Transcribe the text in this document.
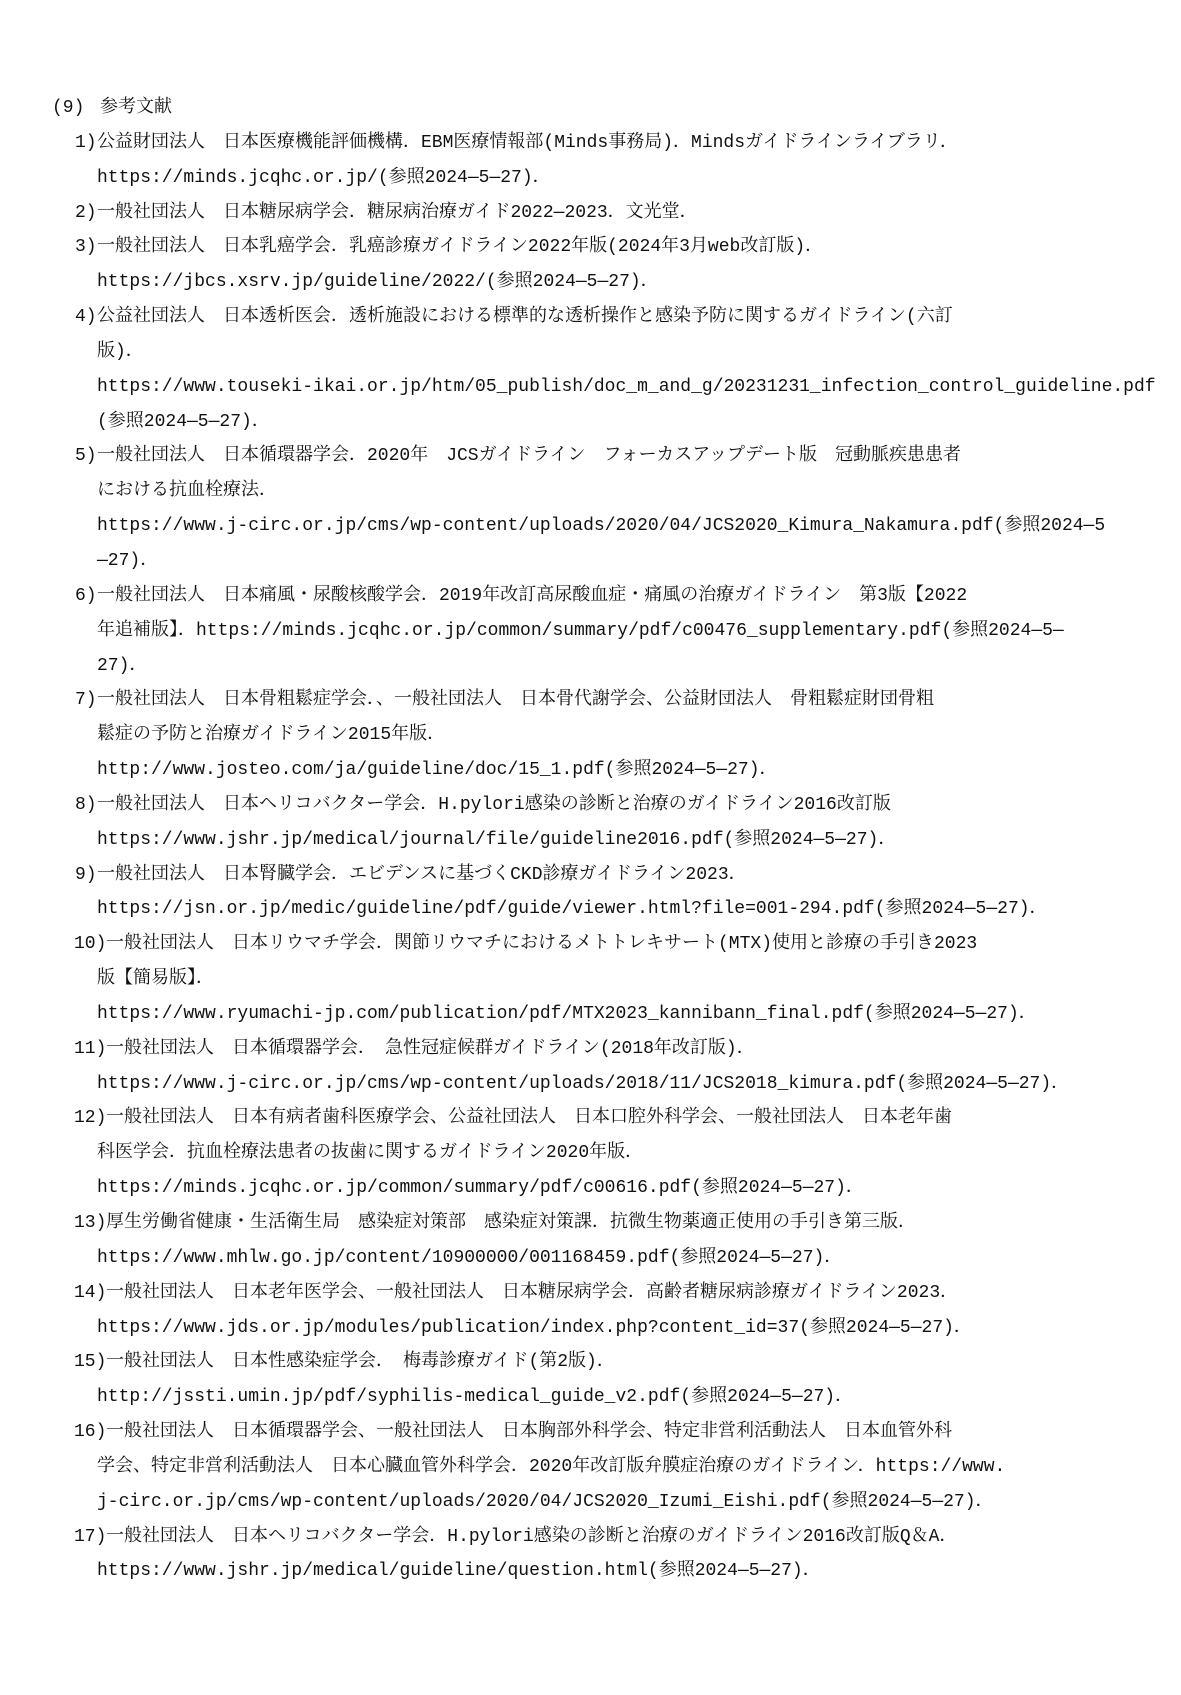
(9) 参考文献
1)公益財団法人　日本医療機能評価機構．EBM医療情報部(Minds事務局)．Mindsガイドラインライブラリ．
https://minds.jcqhc.or.jp/(参照2024―5―27)．
2)一般社団法人　日本糖尿病学会．糖尿病治療ガイド2022―2023．文光堂．
3)一般社団法人　日本乳癌学会．乳癌診療ガイドライン2022年版(2024年3月web改訂版)．
https://jbcs.xsrv.jp/guideline/2022/(参照2024―5―27)．
4)公益社団法人　日本透析医会．透析施設における標準的な透析操作と感染予防に関するガイドライン(六訂
版)．
https://www.touseki-ikai.or.jp/htm/05_publish/doc_m_and_g/20231231_infection_control_guideline.pdf
(参照2024―5―27)．
5)一般社団法人　日本循環器学会．2020年　JCSガイドライン　フォーカスアップデート版　冠動脈疾患患者
における抗血栓療法．
https://www.j-circ.or.jp/cms/wp-content/uploads/2020/04/JCS2020_Kimura_Nakamura.pdf(参照2024―5
―27)．
6)一般社団法人　日本痛風・尿酸核酸学会．2019年改訂高尿酸血症・痛風の治療ガイドライン　第3版【2022
年追補版】．https://minds.jcqhc.or.jp/common/summary/pdf/c00476_supplementary.pdf(参照2024―5―
27)．
7)一般社団法人　日本骨粗鬆症学会．、一般社団法人　日本骨代謝学会、公益財団法人　骨粗鬆症財団骨粗
鬆症の予防と治療ガイドライン2015年版．
http://www.josteo.com/ja/guideline/doc/15_1.pdf(参照2024―5―27)．
8)一般社団法人　日本ヘリコバクター学会．H.pylori感染の診断と治療のガイドライン2016改訂版
https://www.jshr.jp/medical/journal/file/guideline2016.pdf(参照2024―5―27)．
9)一般社団法人　日本腎臓学会．エビデンスに基づくCKD診療ガイドライン2023．
https://jsn.or.jp/medic/guideline/pdf/guide/viewer.html?file=001-294.pdf(参照2024―5―27)．
10)一般社団法人　日本リウマチ学会．関節リウマチにおけるメトトレキサート(MTX)使用と診療の手引き2023
版【簡易版】．
https://www.ryumachi-jp.com/publication/pdf/MTX2023_kannibann_final.pdf(参照2024―5―27)．
11)一般社団法人　日本循環器学会．　急性冠症候群ガイドライン(2018年改訂版)．
https://www.j-circ.or.jp/cms/wp-content/uploads/2018/11/JCS2018_kimura.pdf(参照2024―5―27)．
12)一般社団法人　日本有病者歯科医療学会、公益社団法人　日本口腔外科学会、一般社団法人　日本老年歯
科医学会．抗血栓療法患者の抜歯に関するガイドライン2020年版．
https://minds.jcqhc.or.jp/common/summary/pdf/c00616.pdf(参照2024―5―27)．
13)厚生労働省健康・生活衛生局　感染症対策部　感染症対策課．抗微生物薬適正使用の手引き第三版．
https://www.mhlw.go.jp/content/10900000/001168459.pdf(参照2024―5―27)．
14)一般社団法人　日本老年医学会、一般社団法人　日本糖尿病学会．高齢者糖尿病診療ガイドライン2023．
https://www.jds.or.jp/modules/publication/index.php?content_id=37(参照2024―5―27)．
15)一般社団法人　日本性感染症学会．　梅毒診療ガイド(第2版)．
http://jssti.umin.jp/pdf/syphilis-medical_guide_v2.pdf(参照2024―5―27)．
16)一般社団法人　日本循環器学会、一般社団法人　日本胸部外科学会、特定非営利活動法人　日本血管外科
学会、特定非営利活動法人　日本心臓血管外科学会．2020年改訂版弁膜症治療のガイドライン．https://www.
j-circ.or.jp/cms/wp-content/uploads/2020/04/JCS2020_Izumi_Eishi.pdf(参照2024―5―27)．
17)一般社団法人　日本ヘリコバクター学会．H.pylori感染の診断と治療のガイドライン2016改訂版Q＆A．
https://www.jshr.jp/medical/guideline/question.html(参照2024―5―27)．
